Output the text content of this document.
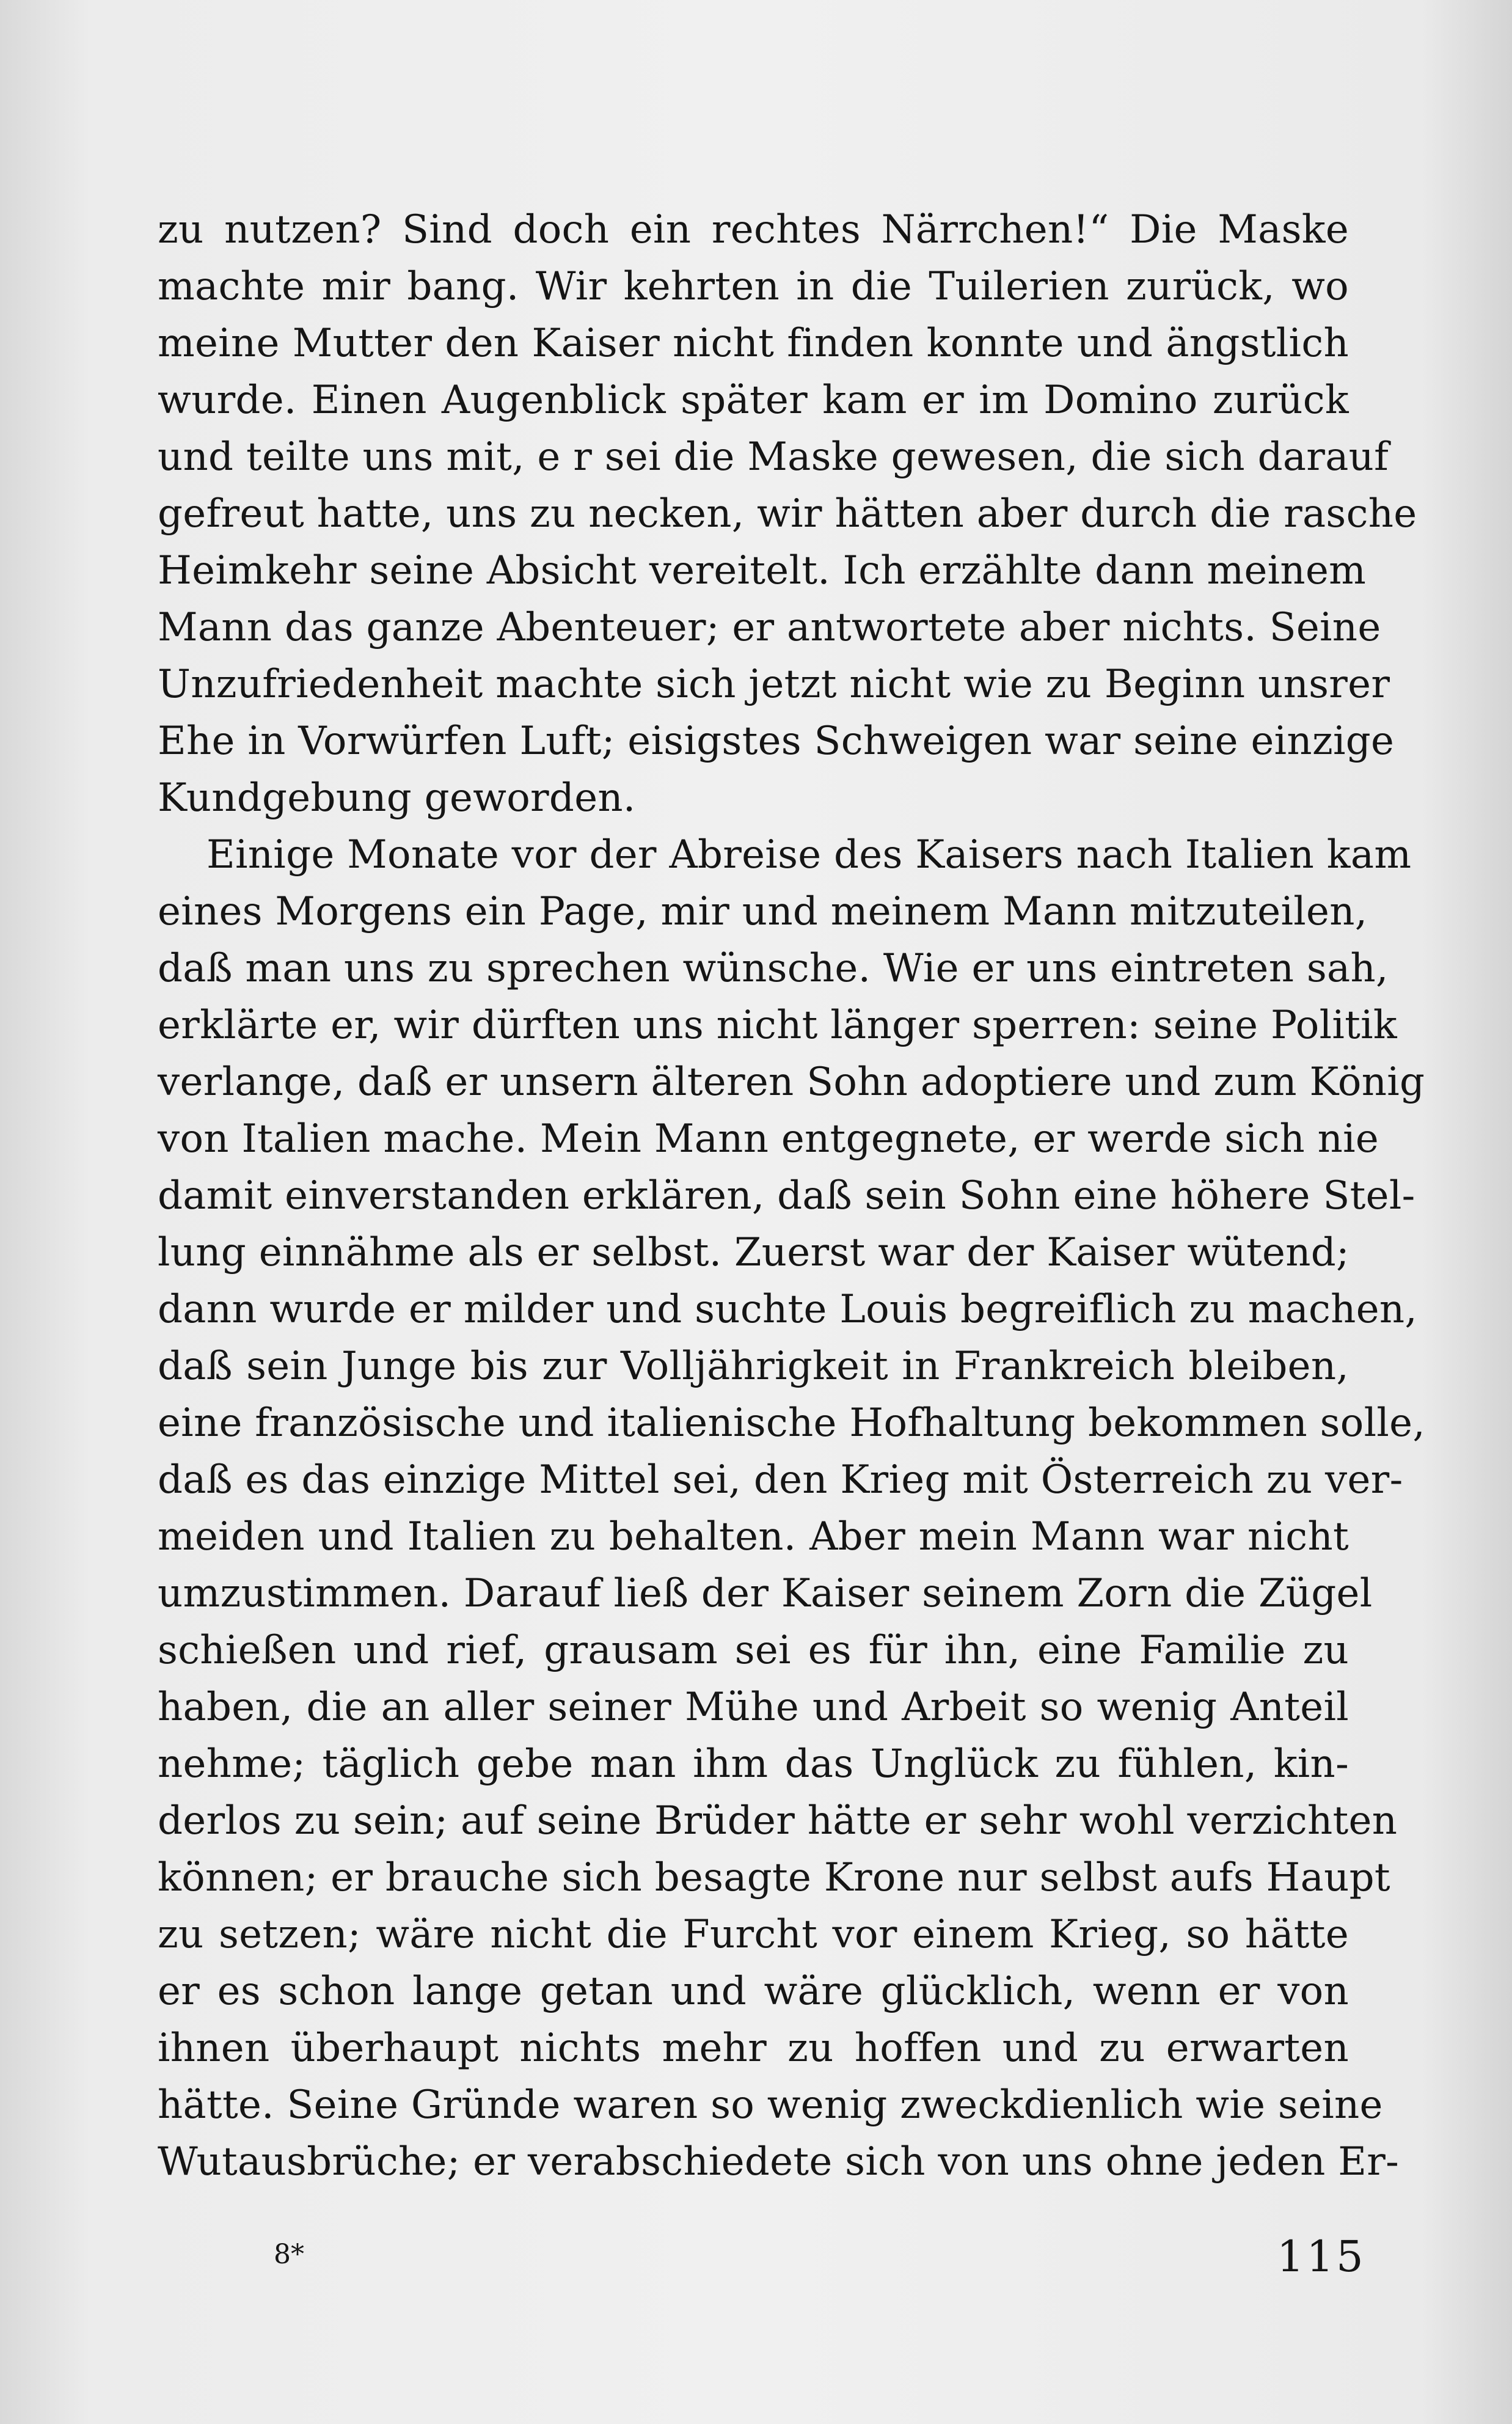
zu nutzen? Sind doch ein rechtes Närrchen!“ Die Maske
machte mir bang. Wir kehrten in die Tuilerien zurück, wo
meine Mutter den Kaiser nicht finden konnte und ängstlich
wurde. Einen Augenblick später kam er im Domino zurück
und teilte uns mit, e r sei die Maske gewesen, die sich darauf
gefreut hatte, uns zu necken, wir hätten aber durch die rasche
Heimkehr seine Absicht vereitelt. Ich erzählte dann meinem
Mann das ganze Abenteuer; er antwortete aber nichts. Seine
Unzufriedenheit machte sich jetzt nicht wie zu Beginn unsrer
Ehe in Vorwürfen Luft; eisigstes Schweigen war seine einzige
Kundgebung geworden.
Einige Monate vor der Abreise des Kaisers nach Italien kam
eines Morgens ein Page, mir und meinem Mann mitzuteilen,
daß man uns zu sprechen wünsche. Wie er uns eintreten sah,
erklärte er, wir dürften uns nicht länger sperren: seine Politik
verlange, daß er unsern älteren Sohn adoptiere und zum König
von Italien mache. Mein Mann entgegnete, er werde sich nie
damit einverstanden erklären, daß sein Sohn eine höhere Stel-
lung einnähme als er selbst. Zuerst war der Kaiser wütend;
dann wurde er milder und suchte Louis begreiflich zu machen,
daß sein Junge bis zur Volljährigkeit in Frankreich bleiben,
eine französische und italienische Hofhaltung bekommen solle,
daß es das einzige Mittel sei, den Krieg mit Österreich zu ver-
meiden und Italien zu behalten. Aber mein Mann war nicht
umzustimmen. Darauf ließ der Kaiser seinem Zorn die Zügel
schießen und rief, grausam sei es für ihn, eine Familie zu
haben, die an aller seiner Mühe und Arbeit so wenig Anteil
nehme; täglich gebe man ihm das Unglück zu fühlen, kin-
derlos zu sein; auf seine Brüder hätte er sehr wohl verzichten
können; er brauche sich besagte Krone nur selbst aufs Haupt
zu setzen; wäre nicht die Furcht vor einem Krieg, so hätte
er es schon lange getan und wäre glücklich, wenn er von
ihnen überhaupt nichts mehr zu hoffen und zu erwarten
hätte. Seine Gründe waren so wenig zweckdienlich wie seine
Wutausbrüche; er verabschiedete sich von uns ohne jeden Er-
8*	115
